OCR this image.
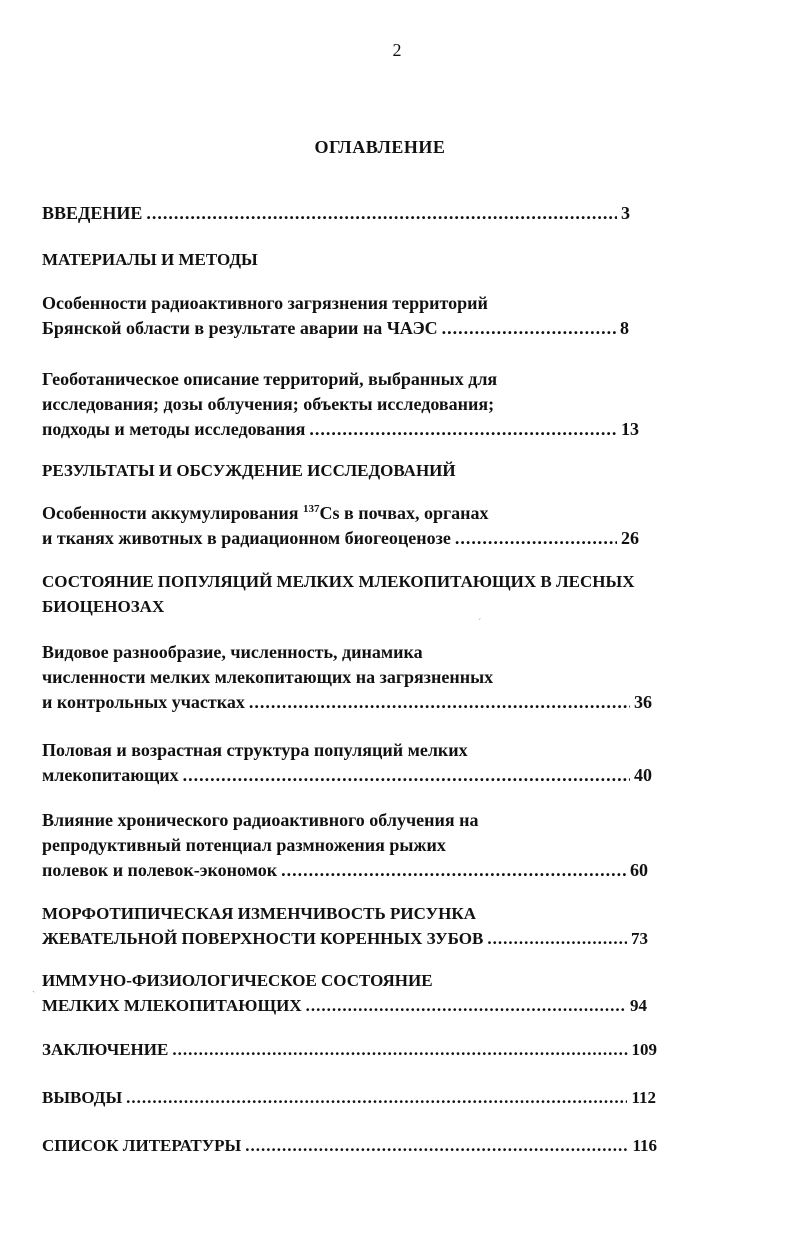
2
ОГЛАВЛЕНИЕ
ВВЕДЕНИЕ .....	3
МАТЕРИАЛЫ И МЕТОДЫ
Особенности радиоактивного загрязнения территорий
Брянской области в результате аварии на ЧАЭС .....	8
Геоботаническое описание территорий, выбранных для
исследования; дозы облучения; объекты исследования;
подходы и методы исследования .....	13
РЕЗУЛЬТАТЫ И ОБСУЖДЕНИЕ ИССЛЕДОВАНИЙ
Особенности аккумулирования $^{137}$Cs в почвах, органах
и тканях животных в радиационном биогеоценозе .....	26
СОСТОЯНИЕ ПОПУЛЯЦИЙ МЕЛКИХ МЛЕКОПИТАЮЩИХ В ЛЕСНЫХ
БИОЦЕНОЗАХ
Видовое разнообразие, численность, динамика
численности мелких млекопитающих на загрязненных
и контрольных участках .....	36
Половая и возрастная структура популяций мелких
млекопитающих .....	40
Влияние хронического радиоактивного облучения на
репродуктивный потенциал размножения рыжих
полевок и полевок-экономок .....	60
МОРФОТИПИЧЕСКАЯ ИЗМЕНЧИВОСТЬ РИСУНКА
ЖЕВАТЕЛЬНОЙ ПОВЕРХНОСТИ КОРЕННЫХ ЗУБОВ .....	73
ИММУНО-ФИЗИОЛОГИЧЕСКОЕ СОСТОЯНИЕ
МЕЛКИХ МЛЕКОПИТАЮЩИХ .....	94
ЗАКЛЮЧЕНИЕ .....	109
ВЫВОДЫ .....	112
СПИСОК ЛИТЕРАТУРЫ .....	116
ˊ
ˎ
